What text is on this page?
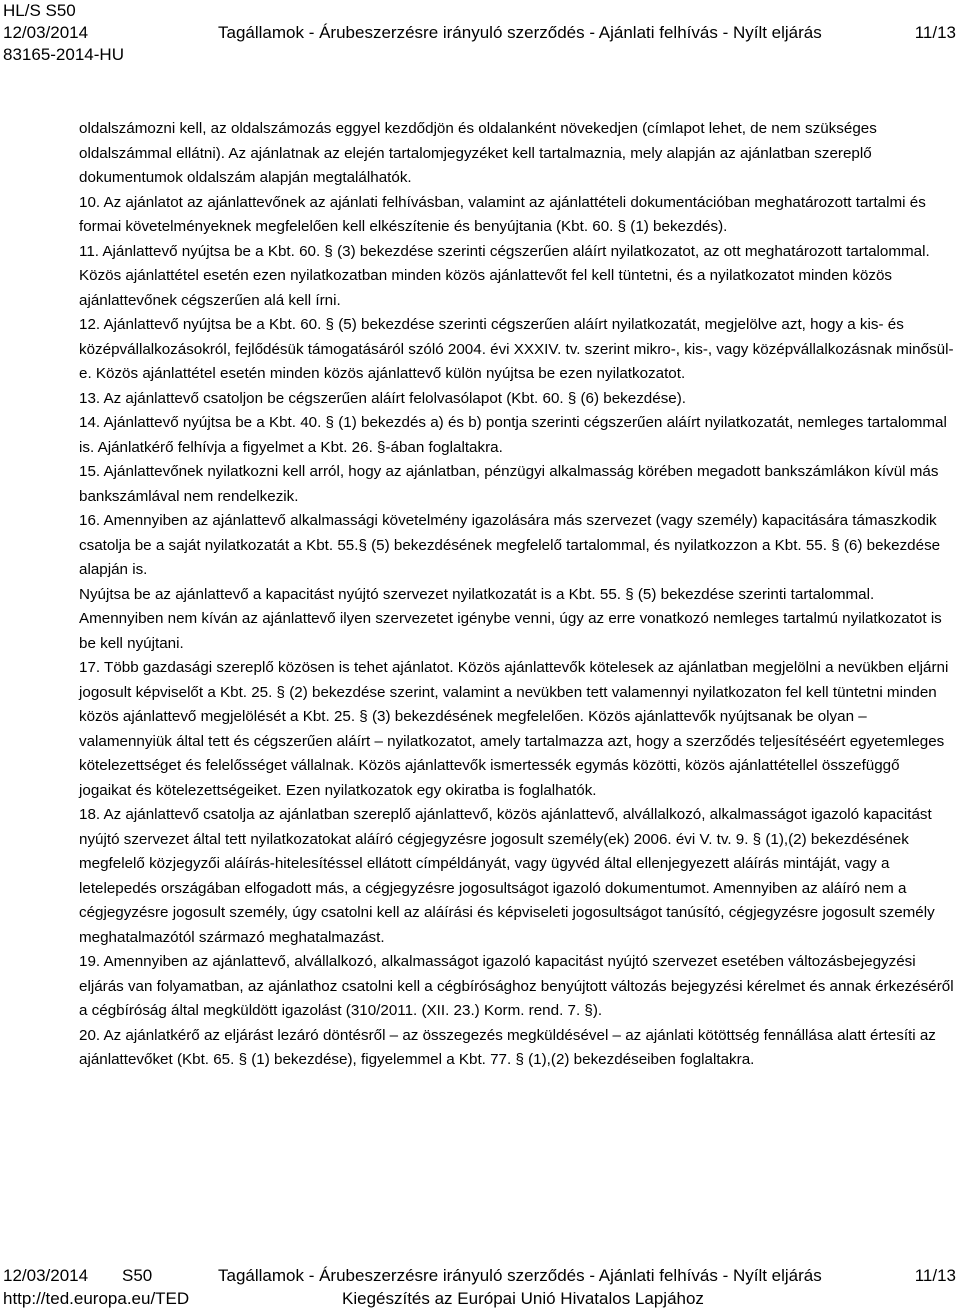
HL/S S50
12/03/2014	Tagállamok - Árubeszerzésre irányuló szerződés - Ajánlati felhívás - Nyílt eljárás	11/13
83165-2014-HU

oldalszámozni kell, az oldalszámozás eggyel kezdődjön és oldalanként növekedjen (címlapot lehet, de nem szükséges oldalszámmal ellátni). Az ajánlatnak az elején tartalomjegyzéket kell tartalmaznia, mely alapján az ajánlatban szereplő dokumentumok oldalszám alapján megtalálhatók.

10. Az ajánlatot az ajánlattevőnek az ajánlati felhívásban, valamint az ajánlattételi dokumentációban meghatározott tartalmi és formai követelményeknek megfelelően kell elkészítenie és benyújtania (Kbt. 60. § (1) bekezdés).

11. Ajánlattevő nyújtsa be a Kbt. 60. § (3) bekezdése szerinti cégszerűen aláírt nyilatkozatot, az ott meghatározott tartalommal. Közös ajánlattétel esetén ezen nyilatkozatban minden közös ajánlattevőt fel kell tüntetni, és a nyilatkozatot minden közös ajánlattevőnek cégszerűen alá kell írni.

12. Ajánlattevő nyújtsa be a Kbt. 60. § (5) bekezdése szerinti cégszerűen aláírt nyilatkozatát, megjelölve azt, hogy a kis- és középvállalkozásokról, fejlődésük támogatásáról szóló 2004. évi XXXIV. tv. szerint mikro-, kis-, vagy középvállalkozásnak minősül-e. Közös ajánlattétel esetén minden közös ajánlattevő külön nyújtsa be ezen nyilatkozatot.

13. Az ajánlattevő csatoljon be cégszerűen aláírt felolvasólapot (Kbt. 60. § (6) bekezdése).

14. Ajánlattevő nyújtsa be a Kbt. 40. § (1) bekezdés a) és b) pontja szerinti cégszerűen aláírt nyilatkozatát, nemleges tartalommal is. Ajánlatkérő felhívja a figyelmet a Kbt. 26. §-ában foglaltakra.

15. Ajánlattevőnek nyilatkozni kell arról, hogy az ajánlatban, pénzügyi alkalmasság körében megadott bankszámlákon kívül más bankszámlával nem rendelkezik.

16. Amennyiben az ajánlattevő alkalmassági követelmény igazolására más szervezet (vagy személy) kapacitására támaszkodik csatolja be a saját nyilatkozatát a Kbt. 55.§ (5) bekezdésének megfelelő tartalommal, és nyilatkozzon a Kbt. 55. § (6) bekezdése alapján is.

Nyújtsa be az ajánlattevő a kapacitást nyújtó szervezet nyilatkozatát is a Kbt. 55. § (5) bekezdése szerinti tartalommal. Amennyiben nem kíván az ajánlattevő ilyen szervezetet igénybe venni, úgy az erre vonatkozó nemleges tartalmú nyilatkozatot is be kell nyújtani.

17. Több gazdasági szereplő közösen is tehet ajánlatot. Közös ajánlattevők kötelesek az ajánlatban megjelölni a nevükben eljárni jogosult képviselőt a Kbt. 25. § (2) bekezdése szerint, valamint a nevükben tett valamennyi nyilatkozaton fel kell tüntetni minden közös ajánlattevő megjelölését a Kbt. 25. § (3) bekezdésének megfelelően. Közös ajánlattevők nyújtsanak be olyan – valamennyiük által tett és cégszerűen aláírt – nyilatkozatot, amely tartalmazza azt, hogy a szerződés teljesítéséért egyetemleges kötelezettséget és felelősséget vállalnak. Közös ajánlattevők ismertessék egymás közötti, közös ajánlattétellel összefüggő jogaikat és kötelezettségeiket. Ezen nyilatkozatok egy okiratba is foglalhatók.

18. Az ajánlattevő csatolja az ajánlatban szereplő ajánlattevő, közös ajánlattevő, alvállalkozó, alkalmasságot igazoló kapacitást nyújtó szervezet által tett nyilatkozatokat aláíró cégjegyzésre jogosult személy(ek) 2006. évi V. tv. 9. § (1),(2) bekezdésének megfelelő közjegyzői aláírás-hitelesítéssel ellátott címpéldányát, vagy ügyvéd által ellenjegyezett aláírás mintáját, vagy a letelepedés országában elfogadott más, a cégjegyzésre jogosultságot igazoló dokumentumot. Amennyiben az aláíró nem a cégjegyzésre jogosult személy, úgy csatolni kell az aláírási és képviseleti jogosultságot tanúsító, cégjegyzésre jogosult személy meghatalmazótól származó meghatalmazást.

19. Amennyiben az ajánlattevő, alvállalkozó, alkalmasságot igazoló kapacitást nyújtó szervezet esetében változásbejegyzési eljárás van folyamatban, az ajánlathoz csatolni kell a cégbírósághoz benyújtott változás bejegyzési kérelmet és annak érkezéséről a cégbíróság által megküldött igazolást (310/2011. (XII. 23.) Korm. rend. 7. §).

20. Az ajánlatkérő az eljárást lezáró döntésről – az összegezés megküldésével – az ajánlati kötöttség fennállása alatt értesíti az ajánlattevőket (Kbt. 65. § (1) bekezdése), figyelemmel a Kbt. 77. § (1),(2) bekezdéseiben foglaltakra.

12/03/2014 S50	Tagállamok - Árubeszerzésre irányuló szerződés - Ajánlati felhívás - Nyílt eljárás	11/13
http://ted.europa.eu/TED	Kiegészítés az Európai Unió Hivatalos Lapjához
